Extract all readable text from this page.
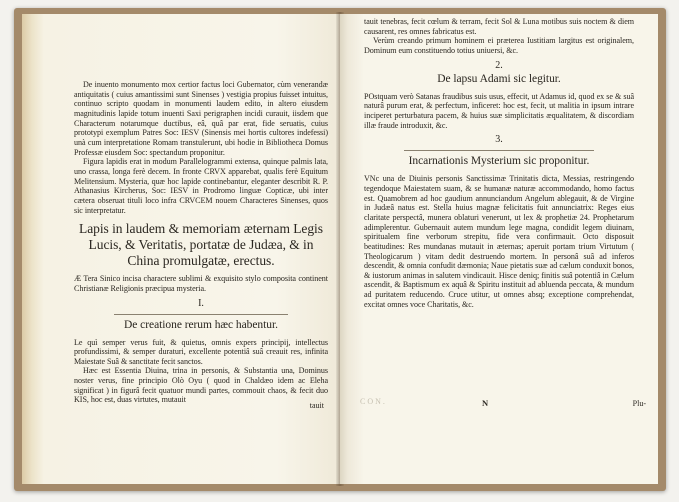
De inuento monumento mox certior factus loci Gubernator, cùm venerandæ antiquitatis ( cuius amantissimi sunt Sinenses ) vestigia propius fuisset intuitus, continuo scripto quodam in monumenti laudem edito, in altero eiusdem magnitudinis lapide totum inuenti Saxi perigraphen incidi curauit, iisdem que Characterum notarumque ductibus, eâ, quâ par erat, fide seruatis, cuius prototypi exemplum Patres Soc: IESV (Sinensis mei hortis cultores indefessi) unà cum interpretatione Romam transtulerunt, ubi hodie in Bibliotheca Domus Professæ eiusdem Soc: spectandum proponitur.

Figura lapidis erat in modum Parallelogrammi extensa, quinque palmis lata, uno crassa, longa ferè decem. In fronte CRVX apparebat, qualis ferè Equitum Melitensium. Mysteria, quæ hoc lapide continebantur, eleganter describit R. P. Athanasius Kircherus, Soc: IESV in Prodromo linguæ Copticæ, ubi inter cætera obseruat tituli loco infra CRVCEM nouem Characteres Sinenses, quos sic interpretatur.

Lapis in laudem & memoriam æternam Legis Lucis, & Veritatis, portatæ de Judæa, & in China promulgatæ, erectus.

Æ Tera Sinico incisa charactere sublimi & exquisito stylo composita continent Christianæ Religionis præcipua mysteria.

I.

De creatione rerum hæc habentur.

Le quì semper verus fuit, & quietus, omnis expers principij, intellectus profundissimi, & semper duraturi, excellente potentiâ suâ creauit res, infinita Maiestate Suâ & sanctitate fecit sanctos.

Hæc est Essentia Diuina, trina in personis, & Substantia una, Dominus noster verus, fine principio Olò Oyu ( quod in Chaldæo idem ac Eleha significat ) in figurâ fecit quatuor mundi partes, commouit chaos, & fecit duo KIS, hoc est, duas virtutes, mutauit

tauit

tauit tenebras, fecit cœlum & terram, fecit Sol & Luna motibus suis noctem & diem causarent, res omnes fabricatus est.

Verùm creando primum hominem ei præterea Iustitiam largitus est originalem, Dominum eum constituendo totius uniuersi, &c.

2.

De lapsu Adami sic legitur.

POstquam verò Satanas fraudibus suis usus, effecit, ut Adamus id, quod ex se & suâ naturâ purum erat, & perfectum, inficeret: hoc est, fecit, ut malitia in ipsum intrare inciperet perturbatura pacem, & huius suæ simplicitatis æqualitatem, & discordiam illæ fraude introduxit, &c.

3.

Incarnationis Mysterium sic proponitur.

VNc una de Diuinis personis Sanctissimæ Trinitatis dicta, Messias, restringendo tegendoque Maiestatem suam, & se humanæ naturæ accommodando, homo factus est. Quamobrem ad hoc gaudium annunciandum Angelum ablegauit, & de Virgine in Judæâ natus est. Stella huius magnæ felicitatis fuit annunciatrix: Reges eius claritate perspectâ, munera oblaturi venerunt, ut lex & prophetiæ 24. Prophetarum adimplerentur. Gubernauit autem mundum lege magna, condidit legem diuinam, spiritualem fine verborum strepitu, fide vera confirmauit. Octo disposuit beatitudines: Res mundanas mutauit in æternas; aperuit portam trium Virtutum ( Theologicarum ) vitam dedit destruendo mortem. In personâ suâ ad inferos descendit, & omnia confudit dæmonia; Naue pietatis suæ ad cælum conduxit bonos, & iustorum animas in salutem vindicauit. Hisce deniq; finitis suâ potentiâ in Cælum ascendit, & Baptismum ex aquâ & Spiritu instituit ad abluenda peccata, & mundum ad puritatem reducendo. Cruce utitur, ut omnes absq; exceptione comprehendat, excitat omnes voce Charitatis, &c.

CON.	N	Plu-
